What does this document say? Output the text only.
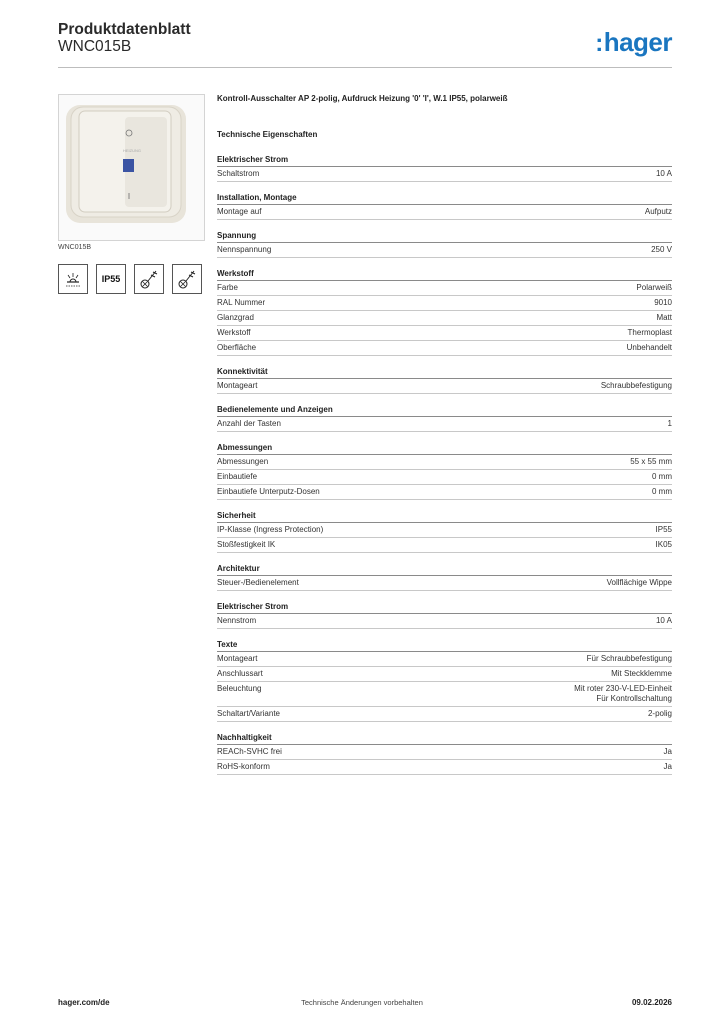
Produktdatenblatt
WNC015B	:hager
HEIZUNG
WNC015B
IP55
Kontroll-Ausschalter AP 2-polig, Aufdruck Heizung '0' 'I', W.1 IP55, polarweiß
Technische Eigenschaften
Elektrischer Strom
Schaltstrom	10 A
Installation, Montage
Montage auf	Aufputz
Spannung
Nennspannung	250 V
Werkstoff
Farbe	Polarweiß
RAL Nummer	9010
Glanzgrad	Matt
Werkstoff	Thermoplast
Oberfläche	Unbehandelt
Konnektivität
Montageart	Schraubbefestigung
Bedienelemente und Anzeigen
Anzahl der Tasten	1
Abmessungen
Abmessungen	55 x 55 mm
Einbautiefe	0 mm
Einbautiefe Unterputz-Dosen	0 mm
Sicherheit
IP-Klasse (Ingress Protection)	IP55
Stoßfestigkeit IK	IK05
Architektur
Steuer-/Bedienelement	Vollflächige Wippe
Elektrischer Strom
Nennstrom	10 A
Texte
Montageart	Für Schraubbefestigung
Anschlussart	Mit Steckklemme
Beleuchtung	Mit roter 230-V-LED-Einheit
Für Kontrollschaltung
Schaltart/Variante	2-polig
Nachhaltigkeit
REACh-SVHC frei	Ja
RoHS-konform	Ja
hager.com/de	Technische Änderungen vorbehalten	09.02.2026
